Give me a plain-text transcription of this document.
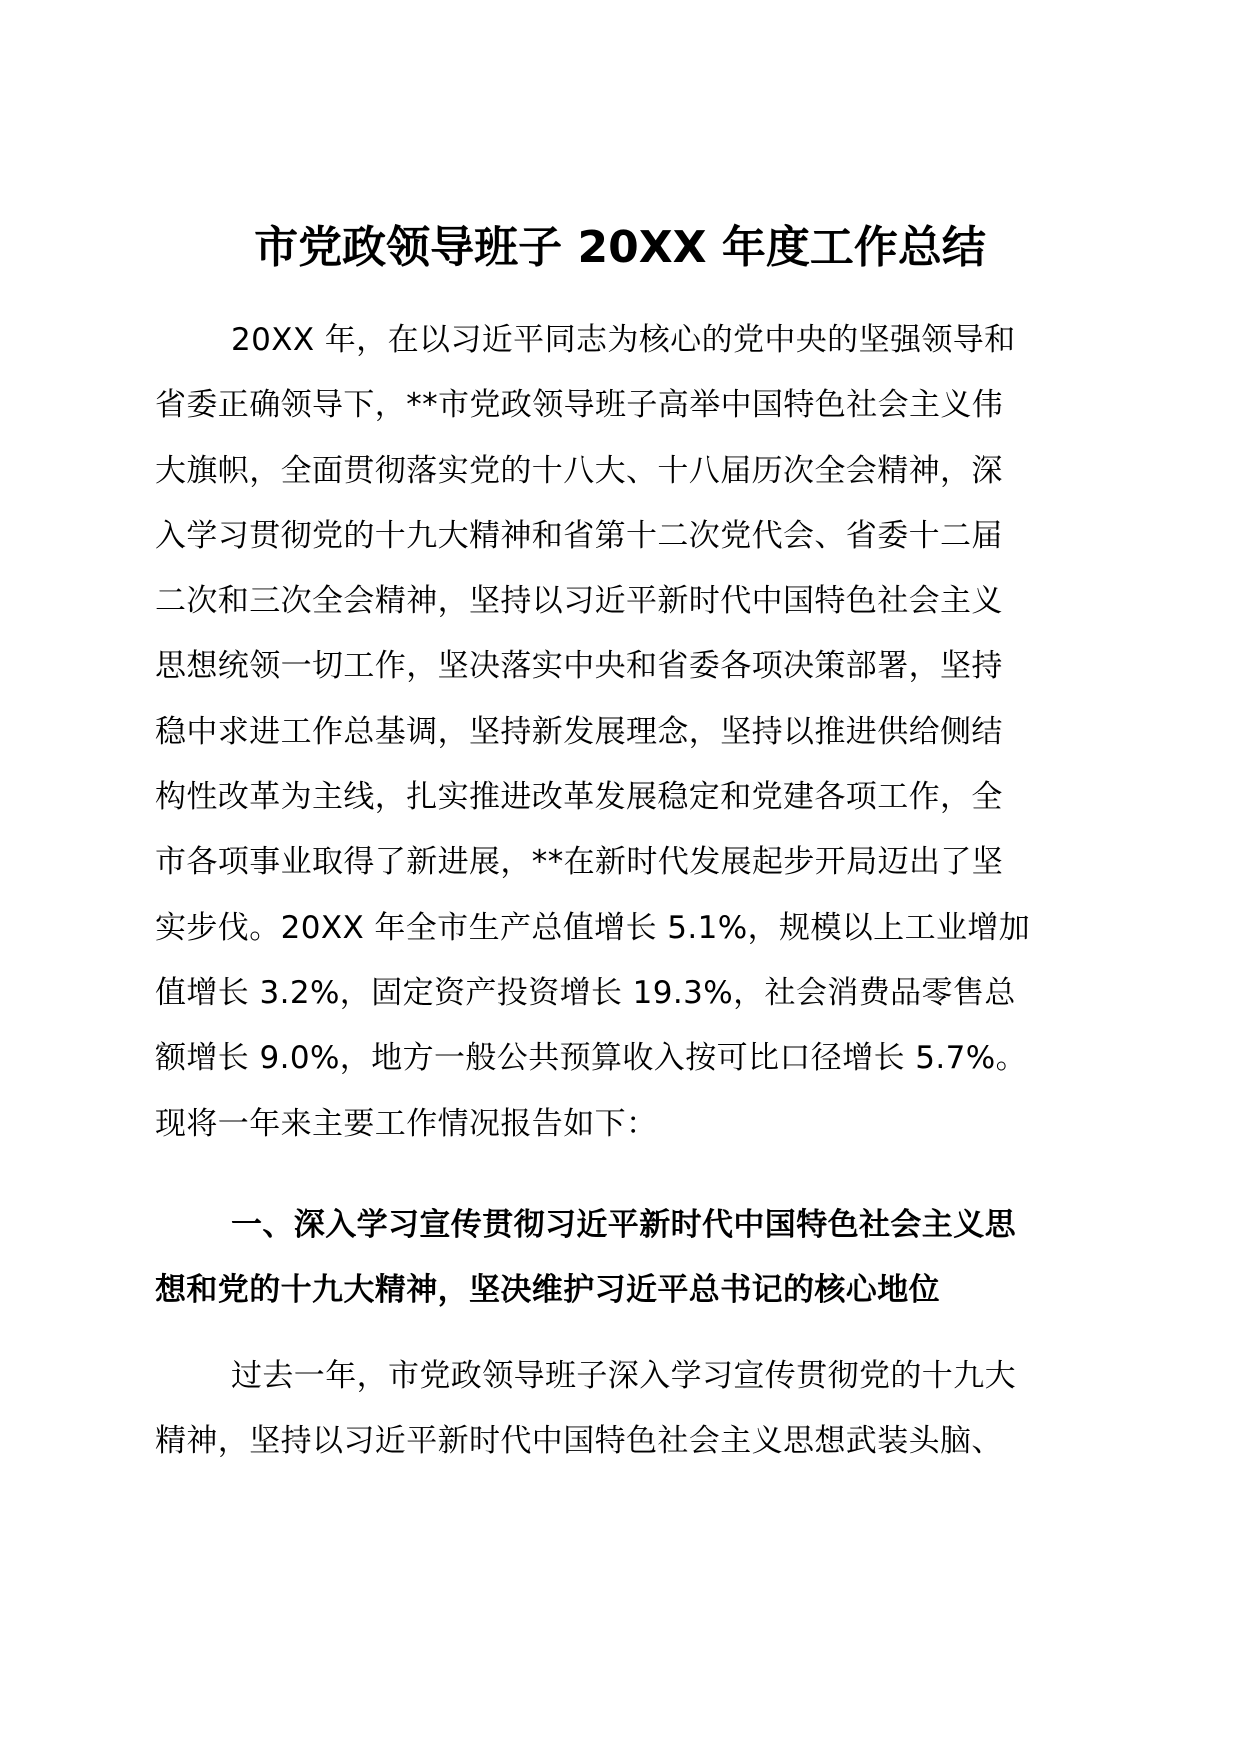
市党政领导班子 20XX 年度工作总结
20XX 年，在以习近平同志为核心的党中央的坚强领导和
省委正确领导下，**市党政领导班子高举中国特色社会主义伟
大旗帜，全面贯彻落实党的十八大、十八届历次全会精神，深
入学习贯彻党的十九大精神和省第十二次党代会、省委十二届
二次和三次全会精神，坚持以习近平新时代中国特色社会主义
思想统领一切工作，坚决落实中央和省委各项决策部署，坚持
稳中求进工作总基调，坚持新发展理念，坚持以推进供给侧结
构性改革为主线，扎实推进改革发展稳定和党建各项工作，全
市各项事业取得了新进展，**在新时代发展起步开局迈出了坚
实步伐。20XX 年全市生产总值增长 5.1%，规模以上工业增加
值增长 3.2%，固定资产投资增长 19.3%，社会消费品零售总
额增长 9.0%，地方一般公共预算收入按可比口径增长 5.7%。
现将一年来主要工作情况报告如下：
一、深入学习宣传贯彻习近平新时代中国特色社会主义思
想和党的十九大精神，坚决维护习近平总书记的核心地位
过去一年，市党政领导班子深入学习宣传贯彻党的十九大
精神，坚持以习近平新时代中国特色社会主义思想武装头脑、
